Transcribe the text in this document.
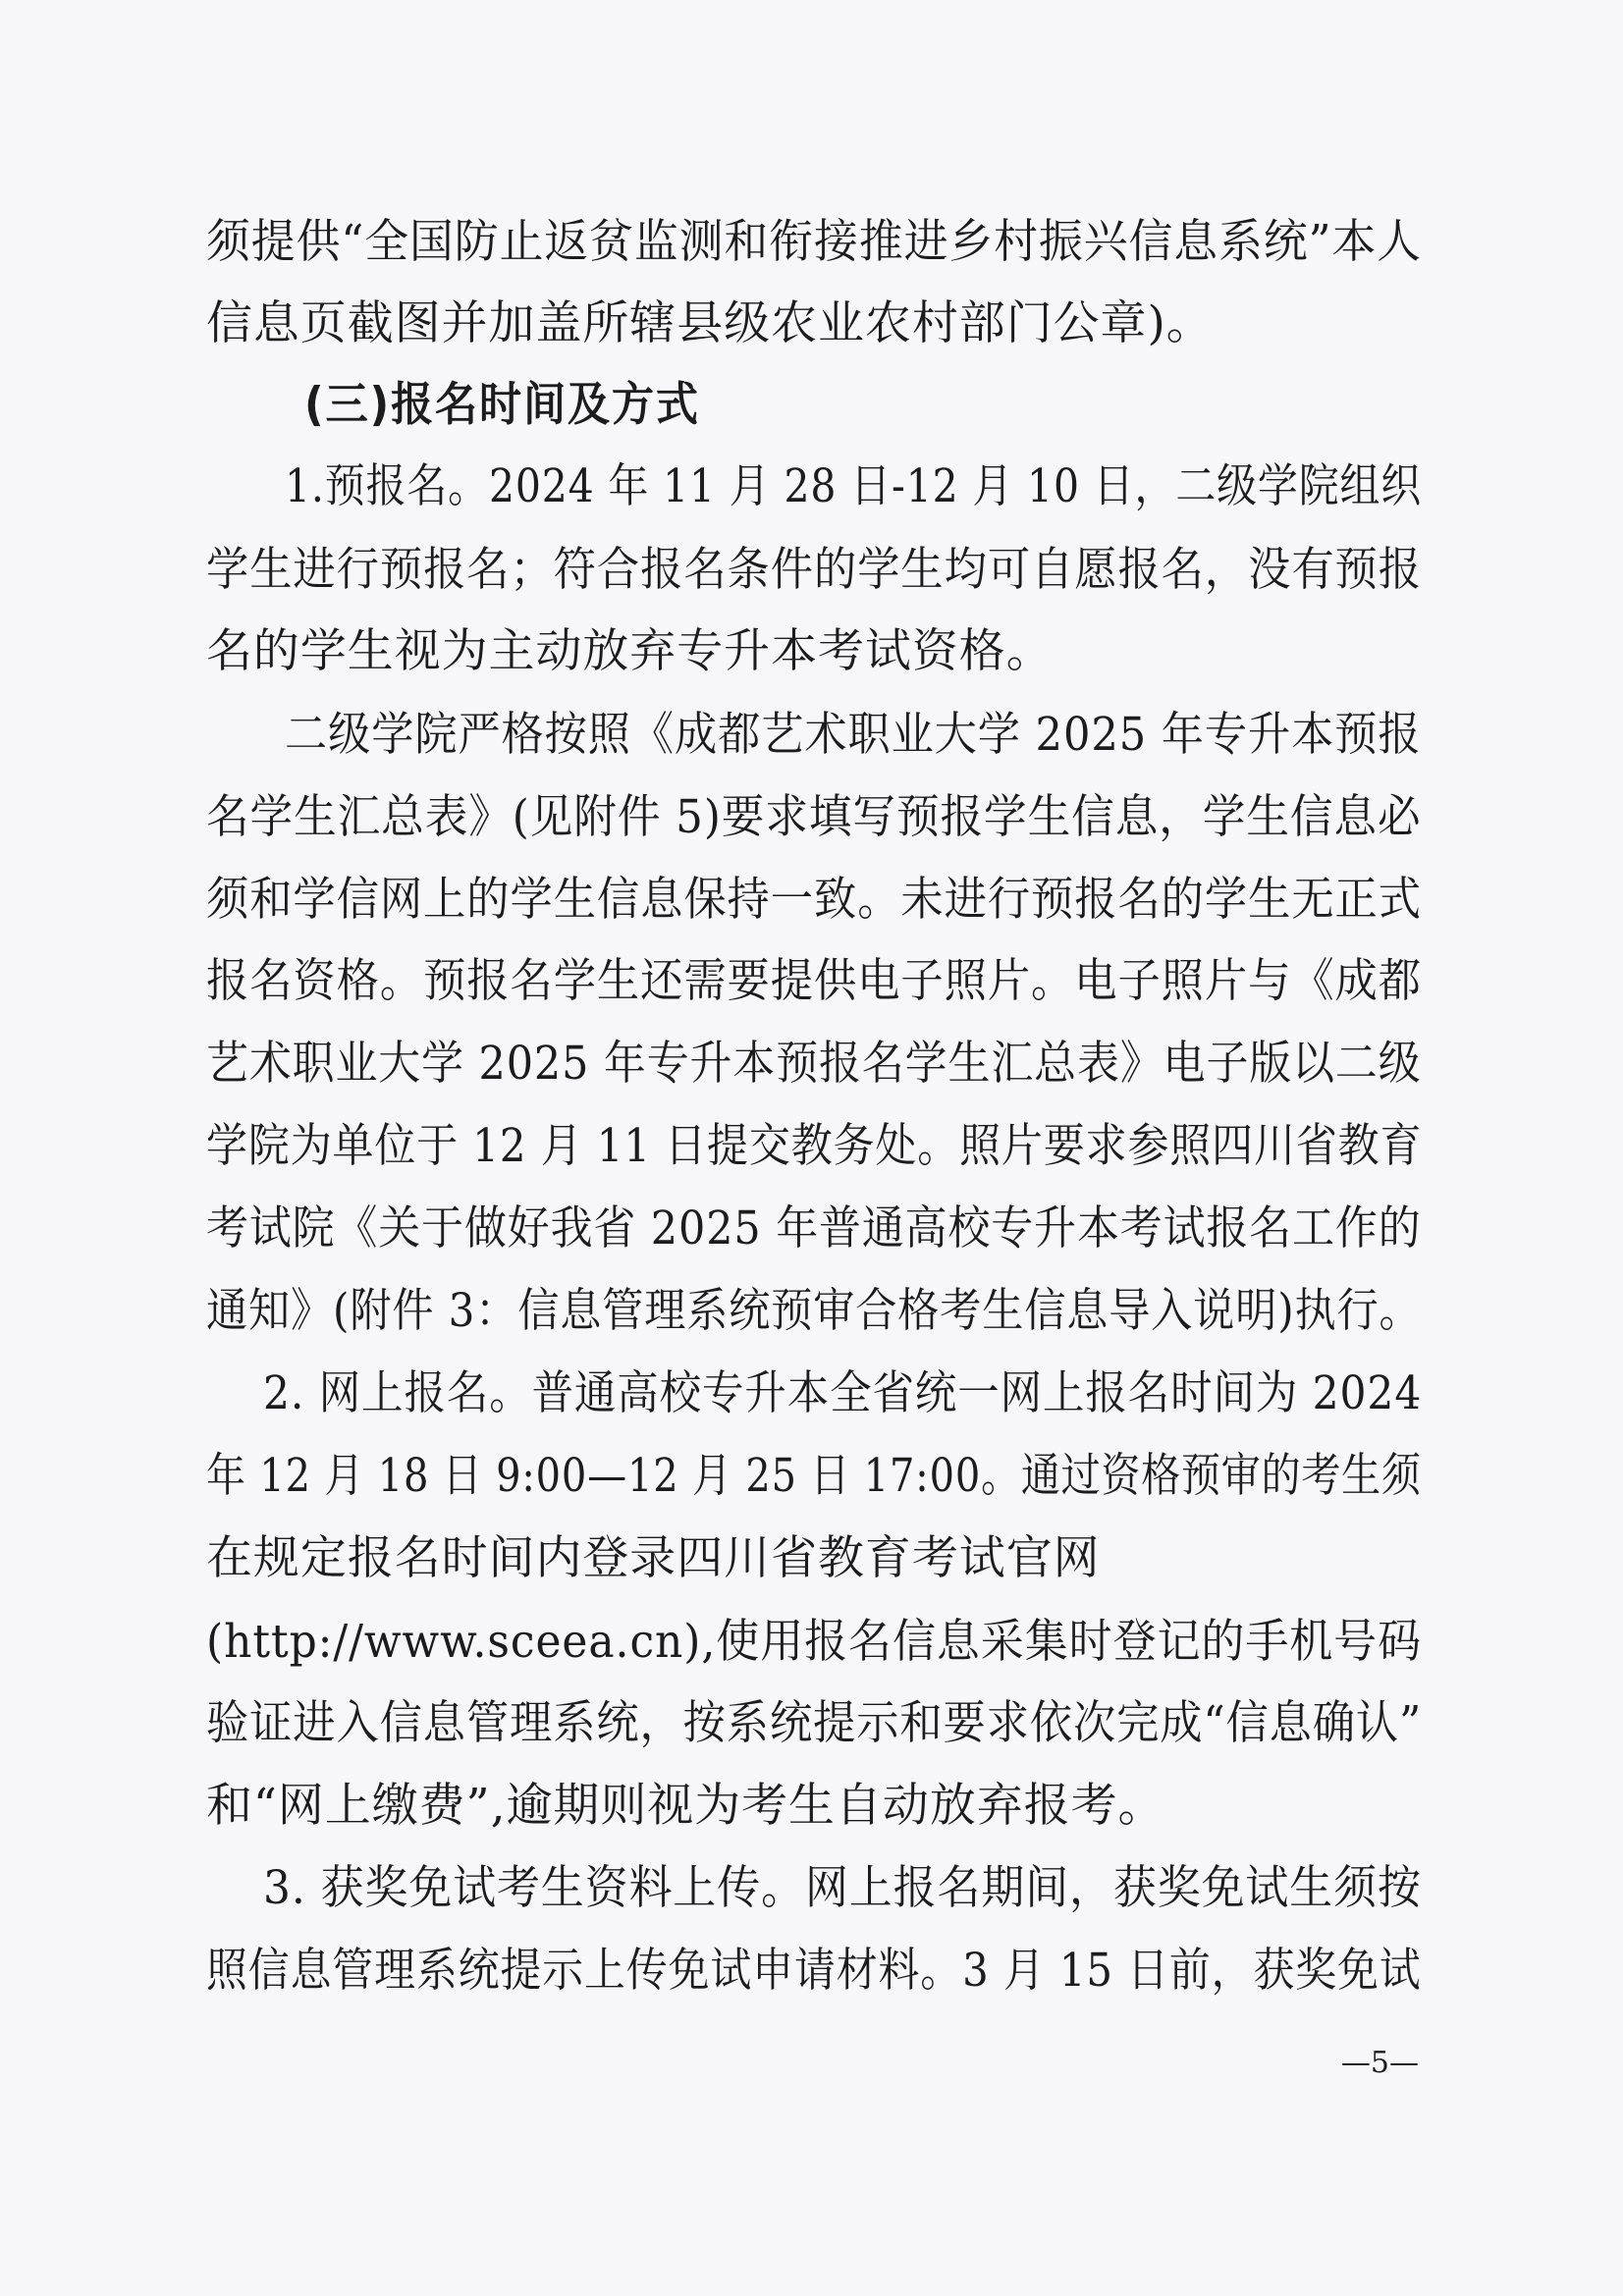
须提供“全国防止返贫监测和衔接推进乡村振兴信息系统”本人
信息页截图并加盖所辖县级农业农村部门公章)。
(三)报名时间及方式
1.预报名。2024 年 11 月 28 日-12 月 10 日，二级学院组织
学生进行预报名；符合报名条件的学生均可自愿报名，没有预报
名的学生视为主动放弃专升本考试资格。
二级学院严格按照《成都艺术职业大学 2025 年专升本预报
名学生汇总表》(见附件 5)要求填写预报学生信息，学生信息必
须和学信网上的学生信息保持一致。未进行预报名的学生无正式
报名资格。预报名学生还需要提供电子照片。电子照片与《成都
艺术职业大学 2025 年专升本预报名学生汇总表》电子版以二级
学院为单位于 12 月 11 日提交教务处。照片要求参照四川省教育
考试院《关于做好我省 2025 年普通高校专升本考试报名工作的
通知》(附件 3：信息管理系统预审合格考生信息导入说明)执行。
2. 网上报名。普通高校专升本全省统一网上报名时间为 2024
年 12 月 18 日 9:00—12 月 25 日 17:00。通过资格预审的考生须
在规定报名时间内登录四川省教育考试官网
(http://www.sceea.cn),使用报名信息采集时登记的手机号码
验证进入信息管理系统，按系统提示和要求依次完成“信息确认”
和“网上缴费”,逾期则视为考生自动放弃报考。
3. 获奖免试考生资料上传。网上报名期间，获奖免试生须按
照信息管理系统提示上传免试申请材料。3 月 15 日前，获奖免试
—5—
